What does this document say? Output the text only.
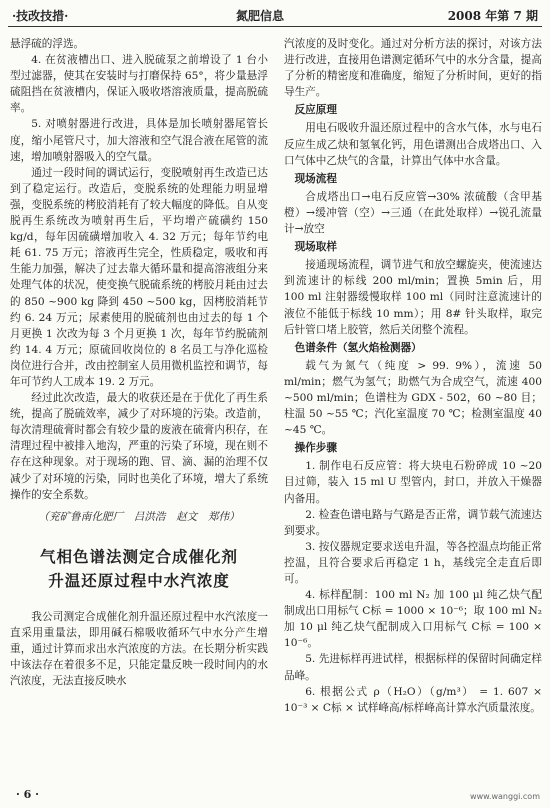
·技改技措·	氮肥信息	2008 年第 7 期

悬浮硫的浮选。

4. 在贫液槽出口、进入脱硫泵之前增设了 1 台小型过滤器，使其在安装时与打磨保持 65°，将少量悬浮硫阻挡在贫液槽内，保证入吸收塔溶液质量，提高脱硫率。

5. 对喷射器进行改进，具体是加长喷射器尾管长度，缩小尾管尺寸，加大溶液和空气混合液在尾管的流速，增加喷射器吸入的空气量。

通过一段时间的调试运行，变脱喷射再生改造已达到了稳定运行。改造后，变脱系统的处理能力明显增强，变脱系统的栲胶消耗有了较大幅度的降低。自从变脱再生系统改为喷射再生后，平均增产硫磺约 150 kg/d，每年因硫磺增加收入 4. 32 万元；每年节约电耗 61. 75 万元；溶液再生完全，性质稳定，吸收和再生能力加强，解决了过去靠大循环量和提高溶液组分来处理气体的状况，使变换气脱硫系统的栲胶月耗由过去的 850 ~900 kg 降到 450 ~500 kg，因栲胶消耗节约 6. 24 万元；尿素使用的脱硫剂也由过去的每 1 个月更换 1 次改为每 3 个月更换 1 次，每年节约脱硫剂约 14. 4 万元；原硫回收岗位的 8 名员工与净化巡检岗位进行合并，改由控制室人员用微机监控和调节，每年可节约人工成本 19. 2 万元。

经过此次改造，最大的收获还是在于优化了再生系统，提高了脱硫效率，减少了对环境的污染。改造前，每次清理硫膏时都会有较少量的废液在硫膏内积存，在清理过程中被排入地沟，严重的污染了环境，现在则不存在这种现象。对于现场的跑、冒、滴、漏的治理不仅减少了对环境的污染，同时也美化了环境，增大了系统操作的安全系数。

（兖矿鲁南化肥厂　吕洪浩　赵文　郑伟）
气相色谱法测定合成催化剂
升温还原过程中水汽浓度

我公司测定合成催化剂升温还原过程中水汽浓度一直采用重量法，即用碱石棉吸收循环气中水分产生增重，通过计算而求出水汽浓度的方法。在长期分析实践中该法存在着很多不足，只能定量反映一段时间内的水汽浓度，无法直接反映水

汽浓度的及时变化。通过对分析方法的探讨，对该方法进行改进，直接用色谱测定循环气中的水分含量，提高了分析的精密度和准确度，缩短了分析时间，更好的指导生产。

反应原理

用电石吸收升温还原过程中的含水气体，水与电石反应生成乙炔和氢氧化钙，用色谱测出合成塔出口、入口气体中乙炔气的含量，计算出气体中水含量。

现场流程

合成塔出口→电石反应管→30% 浓硫酸（含甲基橙）→缓冲管（空）→三通（在此处取样）→锐孔流量计→放空

现场取样

接通现场流程，调节进气和放空螺旋夹，使流速达到流速计的标线 200 ml/min；置换 5min 后，用 100 ml 注射器缓慢取样 100 ml（同时注意流速计的液位不能低于标线 10 mm）；用 8# 针头取样，取完后针管口堵上胶管，然后关闭整个流程。

色谱条件（氢火焰检测器）

载气为氮气（纯度 > 99. 9%），流速 50 ml/min；燃气为氢气；助燃气为合成空气，流速 400 ~500 ml/min；色谱柱为 GDX - 502，60 ~80 目；柱温 50 ~55 ℃；汽化室温度 70 ℃；检测室温度 40 ~45 ℃。

操作步骤

1. 制作电石反应管：将大块电石粉碎成 10 ~20 目过筛，装入 15 ml U 型管内，封口，并放入干燥器内备用。

2. 检查色谱电路与气路是否正常，调节载气流速达到要求。

3. 按仪器规定要求送电升温，等各控温点均能正常控温，且符合要求后再稳定 1 h，基线完全走直后即可。

4. 标样配制：100 ml N₂ 加 100 μl 纯乙炔气配制成出口用标气 C标 = 1000 × 10⁻⁶；取 100 ml N₂ 加 10 μl 纯乙炔气配制成入口用标气 C标 = 100 × 10⁻⁶。

5. 先进标样再进试样，根据标样的保留时间确定样品峰。

6. 根据公式 ρ（H₂O）（g/m³） = 1. 607 × 10⁻³ × C标 × 试样峰高/标样峰高计算水汽质量浓度。

· 6 ·	www.wanggi.com
